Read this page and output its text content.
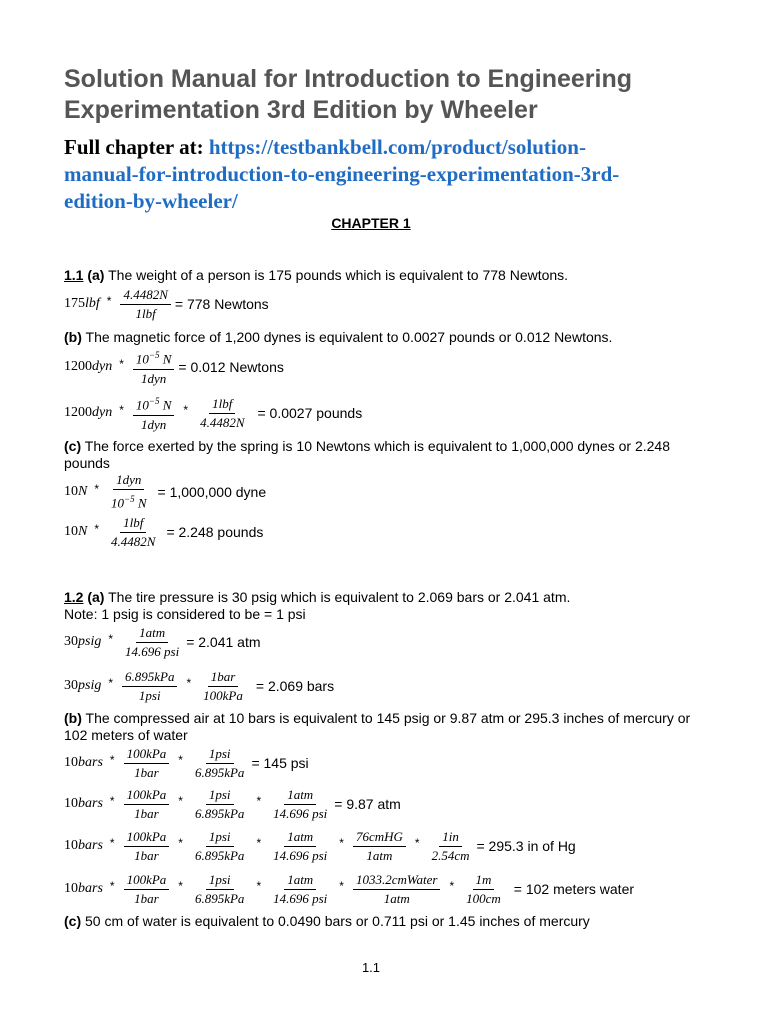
Solution Manual for Introduction to Engineering
Experimentation 3rd Edition by Wheeler
Full chapter at: https://testbankbell.com/product/solution-
manual-for-introduction-to-engineering-experimentation-3rd-
edition-by-wheeler/
CHAPTER 1
1.1 (a) The weight of a person is 175 pounds which is equivalent to 778 Newtons.
$175lbf * \frac{4.4482N}{\text{1lbf}} = 778$ Newtons
(b) The magnetic force of 1,200 dynes is equivalent to 0.0027 pounds or 0.012 Newtons.
$1200dyn * \frac{10^{-5} N}{\text{1dyn}} = 0.012$ Newtons
$1200dyn * \frac{10^{-5} N}{\text{1dyn}} * \frac{\text{1lbf}}{4.4482N} = 0.0027$ pounds
(c) The force exerted by the spring is 10 Newtons which is equivalent to 1,000,000 dynes or 2.248 pounds
$10N * \frac{\text{1dyn}}{10^{-5} N} = 1,000,000$ dyne
$10N * \frac{\text{1lbf}}{4.4482N} = 2.248$ pounds
1.2 (a) The tire pressure is 30 psig which is equivalent to 2.069 bars or 2.041 atm.
Note: 1 psig is considered to be = 1 psi
30psig * $\frac{\text{1atm}}{\text{14.696 psi}} = 2.041$ atm
30psig * $\frac{\text{6.895kPa}}{\text{1psi}} * \frac{\text{1bar}}{\text{100kPa}} = 2.069$ bars
(b) The compressed air at 10 bars is equivalent to 145 psig or 9.87 atm or 295.3 inches of mercury or 102 meters of water
10bars * $\frac{\text{100kPa}}{\text{1bar}} * \frac{\text{1psi}}{\text{6.895kPa}} = 145$ psi
10bars * $\frac{\text{100kPa}}{\text{1bar}} * \frac{\text{1psi}}{\text{6.895kPa}} * \frac{\text{1atm}}{\text{14.696 psi}} = 9.87$ atm
10bars * $\frac{\text{100kPa}}{\text{1bar}} * \frac{\text{1psi}}{\text{6.895kPa}} * \frac{\text{1atm}}{\text{14.696 psi}} * \frac{\text{76cmHG}}{\text{1atm}} * \frac{1in}{2.54cm} = 295.3$ in of Hg
10bars * $\frac{\text{100kPa}}{\text{1bar}} * \frac{\text{1psi}}{\text{6.895kPa}} * \frac{\text{1atm}}{\text{14.696 psi}} * \frac{\text{1033.2cmWater}}{\text{1atm}} * \frac{1m}{100cm} = 102$ meters water
(c) 50 cm of water is equivalent to 0.0490 bars or 0.711 psi or 1.45 inches of mercury
1.1
